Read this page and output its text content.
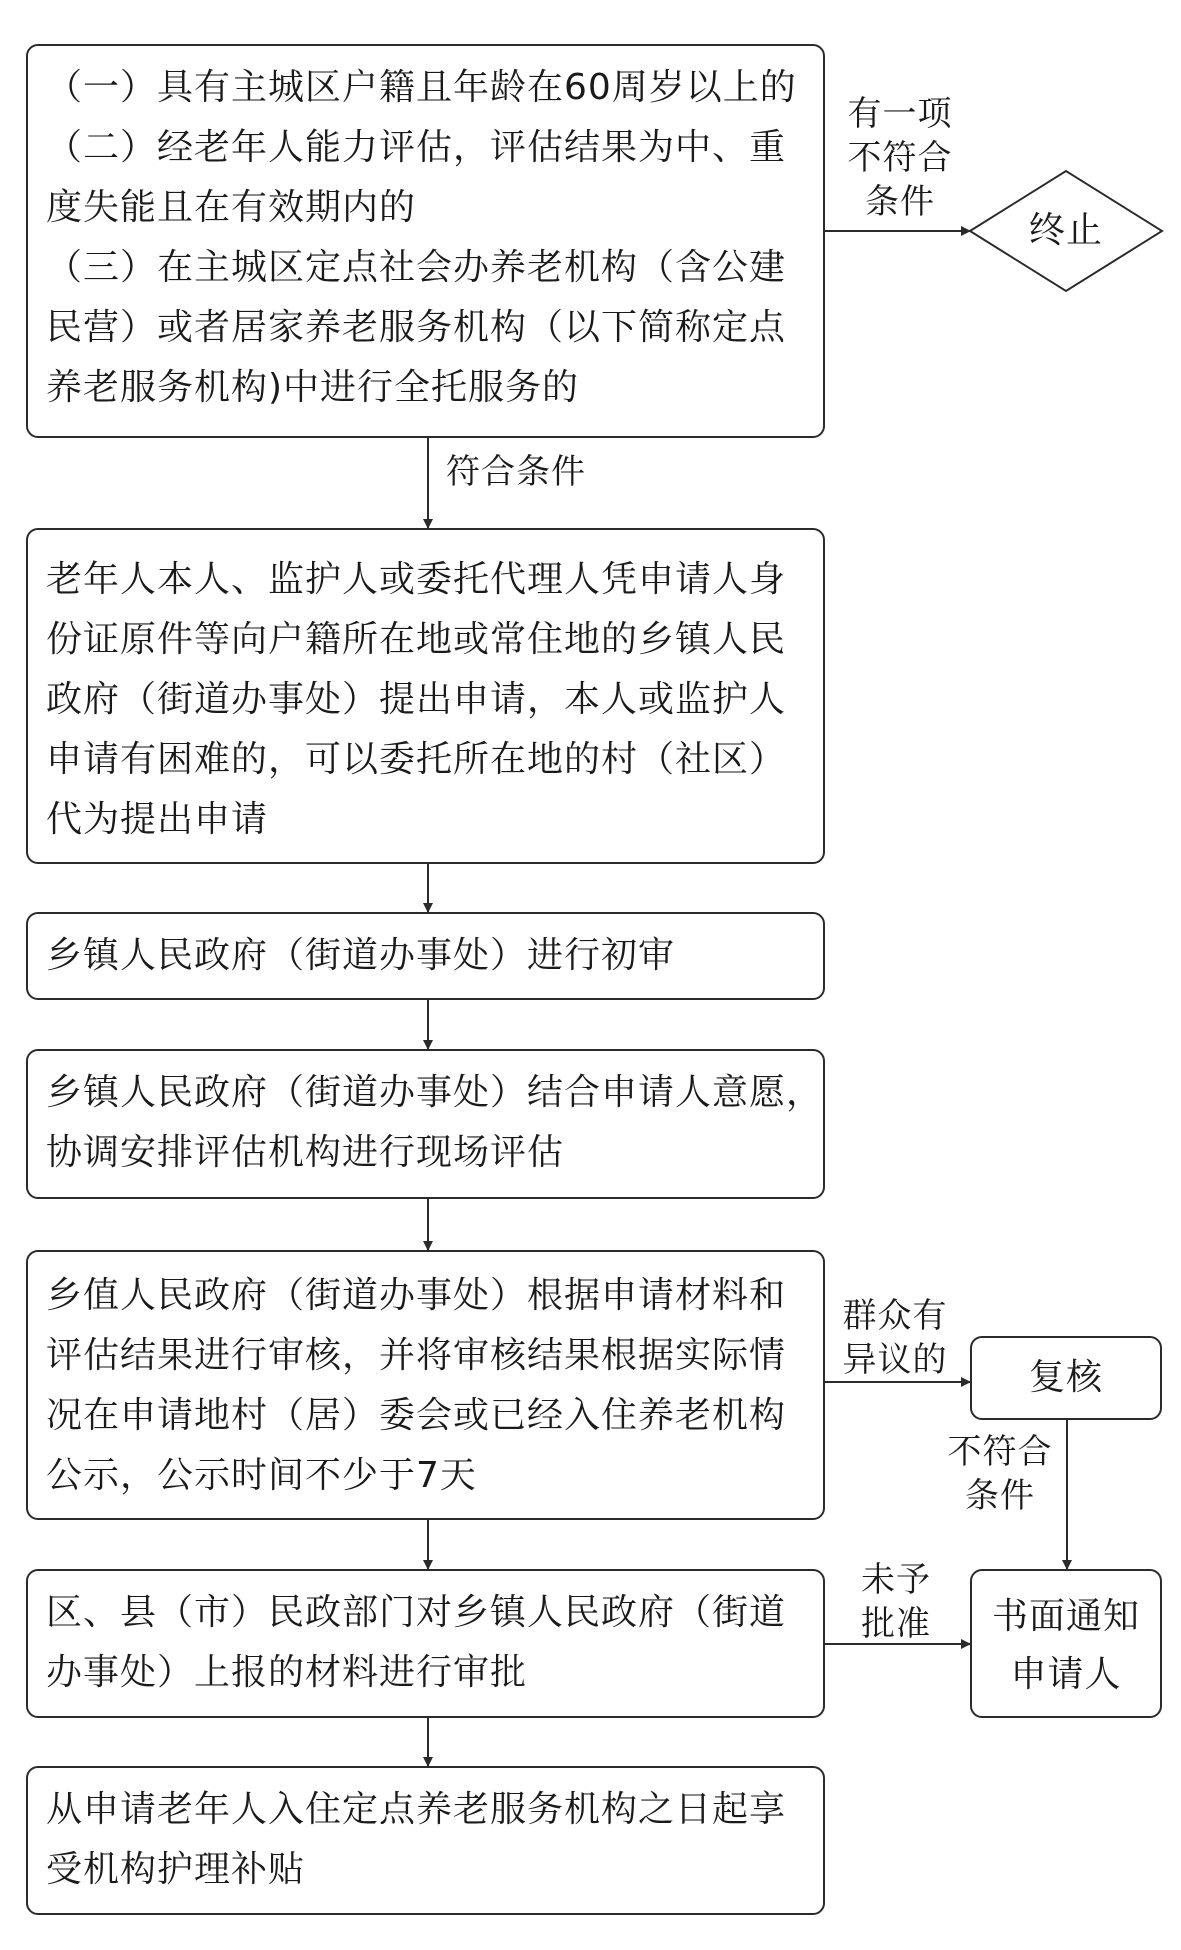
（一）具有主城区户籍且年龄在60周岁以上的
（二）经老年人能力评估，评估结果为中、重
度失能且在有效期内的
（三）在主城区定点社会办养老机构（含公建
民营）或者居家养老服务机构（以下简称定点
养老服务机构)中进行全托服务的
有一项
不符合
条件
终止
符合条件
老年人本人、监护人或委托代理人凭申请人身
份证原件等向户籍所在地或常住地的乡镇人民
政府（街道办事处）提出申请，本人或监护人
申请有困难的，可以委托所在地的村（社区）
代为提出申请
乡镇人民政府（街道办事处）进行初审
乡镇人民政府（街道办事处）结合申请人意愿，
协调安排评估机构进行现场评估
乡值人民政府（街道办事处）根据申请材料和
评估结果进行审核，并将审核结果根据实际情
况在申请地村（居）委会或已经入住养老机构
公示，公示时间不少于7天
群众有
异议的	复核
不符合
条件
区、县（市）民政部门对乡镇人民政府（街道
办事处）上报的材料进行审批
未予
批准	书面通知
申请人
从申请老年人入住定点养老服务机构之日起享
受机构护理补贴
